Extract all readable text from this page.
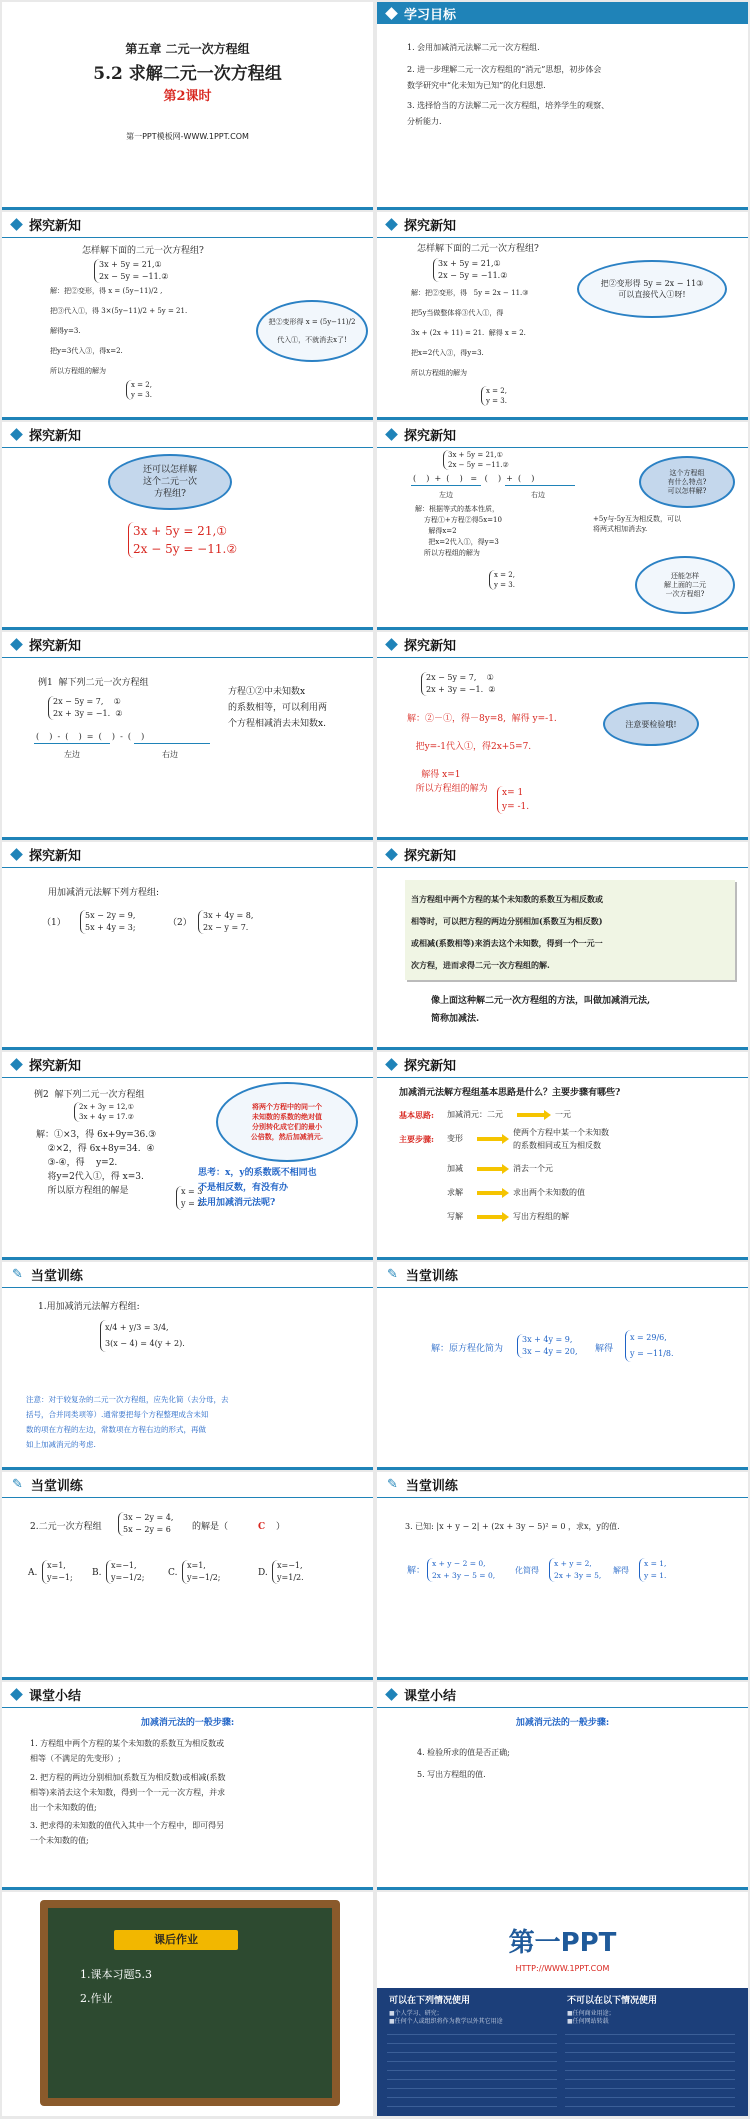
第五章 二元一次方程组
5.2 求解二元一次方程组
第2课时
第一PPT模板网-WWW.1PPT.COM
学习目标
1. 会用加减消元法解二元一次方程组.
2. 进一步理解二元一次方程组的“消元”思想，初步体会
数学研究中“化未知为已知”的化归思想.
3. 选择恰当的方法解二元一次方程组，培养学生的观察、
分析能力.
探究新知
怎样解下面的二元一次方程组?
3x + 5y = 21,①
2x − 5y = −11.②
解：把②变形，得 x = (5y−11)/2 ,

把③代入①，得 3×(5y−11)/2 + 5y = 21.

解得y=3.

把y=3代入③，得x=2.

所以方程组的解为
x = 2,
y = 3.
把②变形得 x = (5y−11)/2

代入①，不就消去x了!
探究新知
怎样解下面的二元一次方程组?
3x + 5y = 21,①
2x − 5y = −11.②
解：把②变形，得   5y = 2x − 11.③

把5y当做整体将③代入①，得

3x + (2x + 11) = 21.  解得 x = 2.

把x=2代入③，得y=3.

所以方程组的解为
x = 2,
y = 3.
把②变形得 5y = 2x − 11③
可以直接代入①呀!
探究新知
还可以怎样解
这个二元一次
方程组?
3x + 5y = 21,①
2x − 5y = −11.②
探究新知
3x + 5y = 21,①
2x − 5y = −11.②
(    )  +  (    )   =   (    )  +  (    )
左边	右边
解：根据等式的基本性质，
方程①+方程②得5x=10
解得x=2
把x=2代入①，得y=3
所以方程组的解为
x = 2,
y = 3.
这个方程组
有什么特点?
可以怎样解?
+5y与-5y互为相反数，可以
将两式相加消去y.
还能怎样
解上面的二元
一次方程组?
探究新知
例1  解下列二元一次方程组
2x − 5y = 7,    ①
2x + 3y = −1.  ②
(    )  -  (    )  =  (    )  -  (    )
左边	右边
方程①②中未知数x
的系数相等，可以利用两
个方程相减消去未知数x.
探究新知
2x − 5y = 7,    ①
2x + 3y = −1.  ②
解：②－①，得－8y=8,  解得 y=-1.

把y=-1代入①，得2x+5=7.

解得 x=1
所以方程组的解为	x= 1
y= -1.
注意要检验哦!
探究新知
用加减消元法解下列方程组:
（1）
5x − 2y = 9,
5x + 4y = 3;	（2）
3x + 4y = 8,
2x − y = 7.
探究新知
当方程组中两个方程的某个未知数的系数互为相反数或
相等时，可以把方程的两边分别相加(系数互为相反数)
或相减(系数相等)来消去这个未知数，得到一个一元一
次方程，进而求得二元一次方程组的解.
像上面这种解二元一次方程组的方法，叫做加减消元法,
简称加减法.
探究新知
例2  解下列二元一次方程组
2x + 3y = 12,①
3x + 4y = 17.②
解：①×3，得 6x+9y=36.③
②×2，得 6x+8y=34.  ④
③-④，得    y=2.
将y=2代入①，得 x=3.
所以原方程组的解是	x = 3
y = 2.
将两个方程中的同一个
未知数的系数的绝对值
分别转化成它们的最小
公倍数，然后加减消元.
思考：x，y的系数既不相同也
不是相反数，有没有办
法用加减消元法呢?
探究新知
加减消元法解方程组基本思路是什么？主要步骤有哪些?
基本思路: 加减消元：二元	一元
主要步骤: 变形
使两个方程中某一个未知数
的系数相同或互为相反数
加减	消去一个元
求解	求出两个未知数的值
写解	写出方程组的解
✎ 当堂训练
1.用加减消元法解方程组:
x/4 + y/3 = 3/4,
3(x − 4) = 4(y + 2).
注意：对于较复杂的二元一次方程组，应先化简（去分母，去
括号，合并同类项等）.通常要把每个方程整理成含未知
数的项在方程的左边，常数项在方程右边的形式，再做
如上加减消元的考虑.
✎ 当堂训练
解：原方程化简为
3x + 4y = 9,
3x − 4y = 20, 解得
x = 29/6,
y = −11/8.
✎ 当堂训练
2.二元一次方程组
3x − 2y = 4,
5x − 2y = 6 的解是（	C ）
A.
x=1,
y=−1; B.
x=−1,
y=−1/2;	C.
x=1,
y=−1/2;	D.
x=−1,
y=1/2.
✎ 当堂训练
3. 已知: |x + y − 2| + (2x + 3y − 5)² = 0 ，求x，y的值.
解：
x + y − 2 = 0,
2x + 3y − 5 = 0,
化简得
x + y = 2,
2x + 3y = 5,
解得
x = 1,
y = 1.
课堂小结
加减消元法的一般步骤:
1. 方程组中两个方程的某个未知数的系数互为相反数或
相等（不满足的先变形）;
2. 把方程的两边分别相加(系数互为相反数)或相减(系数
相等)来消去这个未知数，得到一个一元一次方程，并求
出一个未知数的值;
3. 把求得的未知数的值代入其中一个方程中，即可得另
一个未知数的值;
课堂小结
加减消元法的一般步骤:
4. 检验所求的值是否正确;
5. 写出方程组的值.
课后作业
1.课本习题5.3
2.作业
第一PPT
HTTP://WWW.1PPT.COM
可以在下列情况使用	不可以在以下情况使用
■个人学习、研究；
■任何个人或组织将作为教学以外其它用途
■任何商业用途；
■任何网站转载
